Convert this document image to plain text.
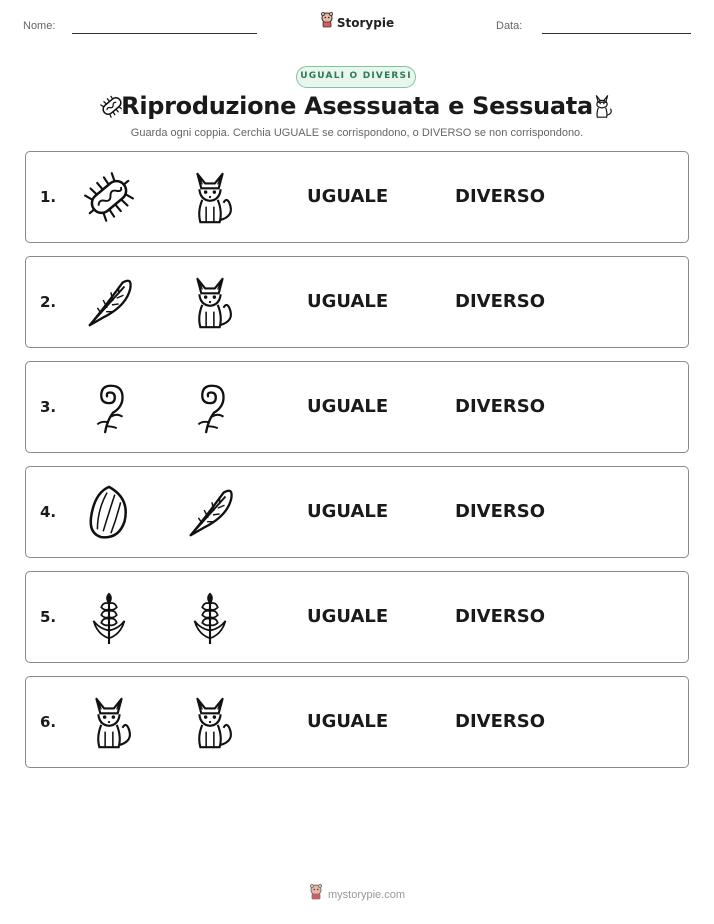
Nome:	Storypie	Data:
UGUALI O DIVERSI
Riproduzione Asessuata e Sessuata
Guarda ogni coppia. Cerchia UGUALE se corrispondono, o DIVERSO se non corrispondono.
1.	UGUALE	DIVERSO
2.	UGUALE	DIVERSO
3.	UGUALE	DIVERSO
4.	UGUALE	DIVERSO
5.	UGUALE	DIVERSO
6.	UGUALE	DIVERSO
mystorypie.com
